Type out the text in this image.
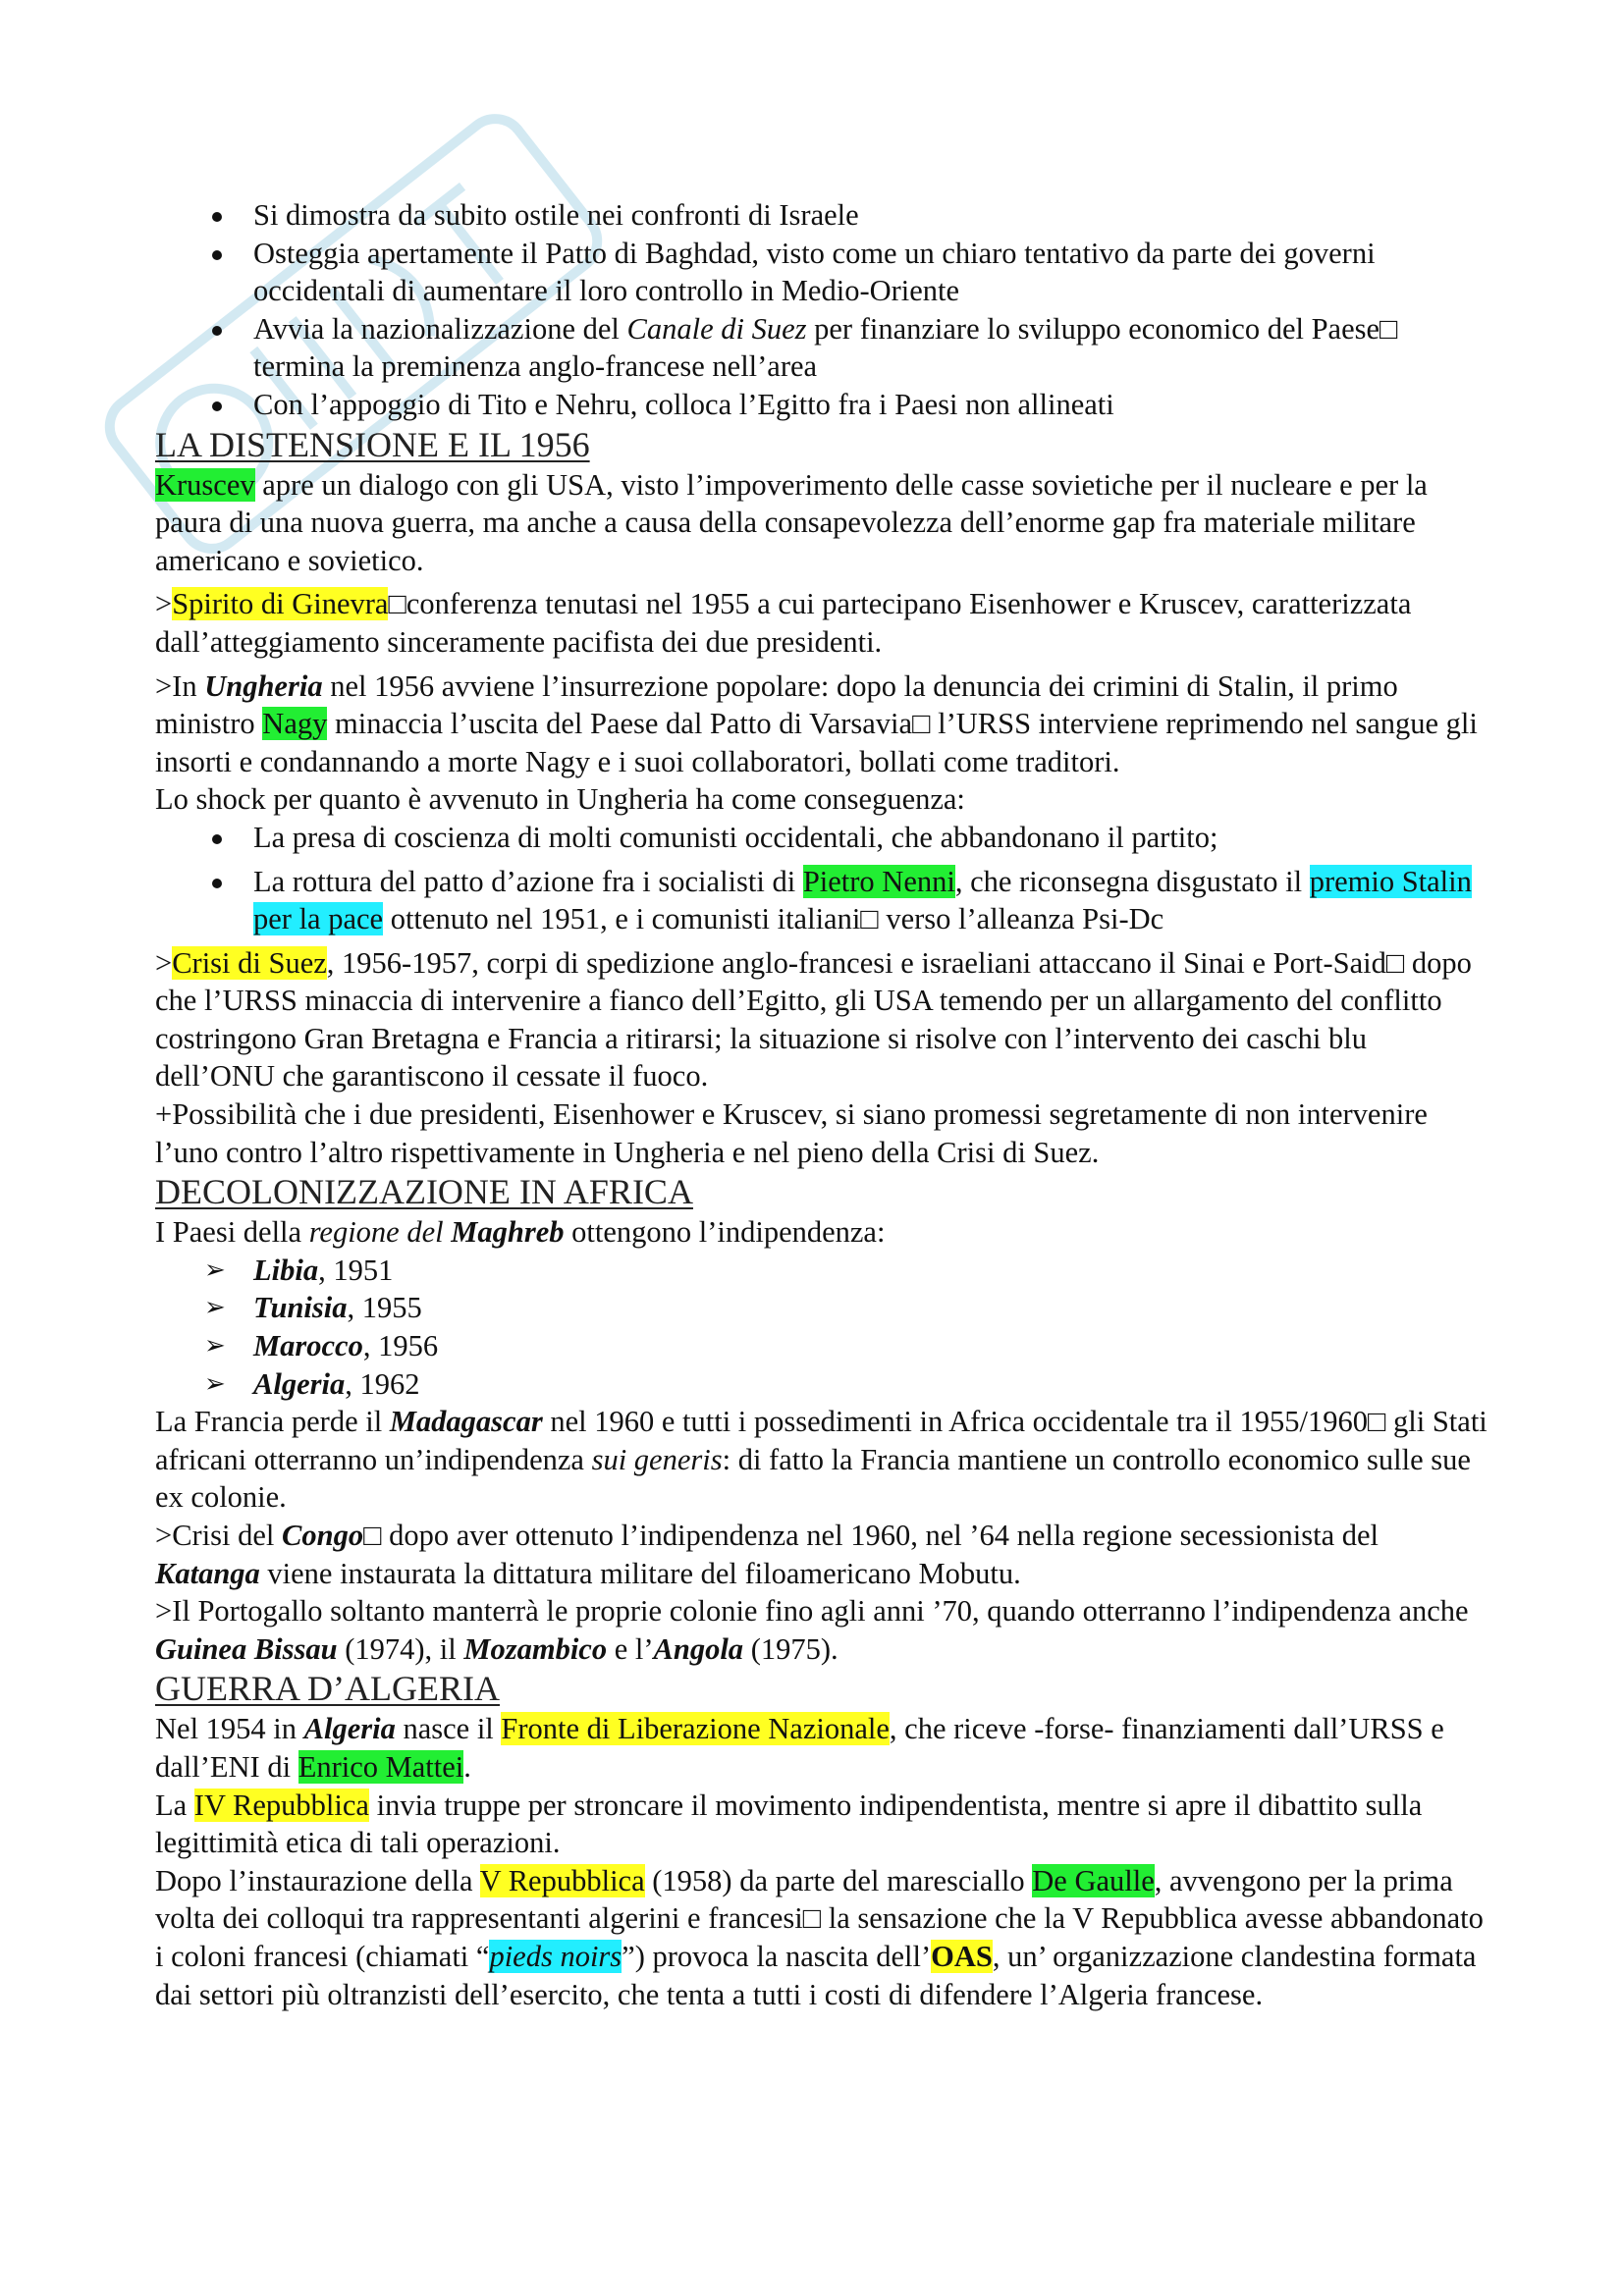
Si dimostra da subito ostile nei confronti di Israele
Osteggia apertamente il Patto di Baghdad, visto come un chiaro tentativo da parte dei governi occidentali di aumentare il loro controllo in Medio-Oriente
Avvia la nazionalizzazione del Canale di Suez per finanziare lo sviluppo economico del Paese□ termina la preminenza anglo-francese nell’area
Con l’appoggio di Tito e Nehru, colloca l’Egitto fra i Paesi non allineati
LA DISTENSIONE E IL 1956

Kruscev apre un dialogo con gli USA, visto l’impoverimento delle casse sovietiche per il nucleare e per la paura di una nuova guerra, ma anche a causa della consapevolezza dell’enorme gap fra materiale militare americano e sovietico.

>Spirito di Ginevra□conferenza tenutasi nel 1955 a cui partecipano Eisenhower e Kruscev, caratterizzata dall’atteggiamento sinceramente pacifista dei due presidenti.

>In Ungheria nel 1956 avviene l’insurrezione popolare: dopo la denuncia dei crimini di Stalin, il primo ministro Nagy minaccia l’uscita del Paese dal Patto di Varsavia□ l’URSS interviene reprimendo nel sangue gli insorti e condannando a morte Nagy e i suoi collaboratori, bollati come traditori.

Lo shock per quanto è avvenuto in Ungheria ha come conseguenza:

La presa di coscienza di molti comunisti occidentali, che abbandonano il partito;
La rottura del patto d’azione fra i socialisti di Pietro Nenni, che riconsegna disgustato il premio Stalin per la pace ottenuto nel 1951, e i comunisti italiani□ verso l’alleanza Psi-Dc

>Crisi di Suez, 1956-1957, corpi di spedizione anglo-francesi e israeliani attaccano il Sinai e Port-Said□ dopo che l’URSS minaccia di intervenire a fianco dell’Egitto, gli USA temendo per un allargamento del conflitto costringono Gran Bretagna e Francia a ritirarsi; la situazione si risolve con l’intervento dei caschi blu dell’ONU che garantiscono il cessate il fuoco.

+Possibilità che i due presidenti, Eisenhower e Kruscev, si siano promessi segretamente di non intervenire l’uno contro l’altro rispettivamente in Ungheria e nel pieno della Crisi di Suez.

DECOLONIZZAZIONE IN AFRICA

I Paesi della regione del Maghreb ottengono l’indipendenza:

➢ Libia, 1951
➢ Tunisia, 1955
➢ Marocco, 1956
➢ Algeria, 1962

La Francia perde il Madagascar nel 1960 e tutti i possedimenti in Africa occidentale tra il 1955/1960□ gli Stati africani otterranno un’indipendenza sui generis: di fatto la Francia mantiene un controllo economico sulle sue ex colonie.

>Crisi del Congo□ dopo aver ottenuto l’indipendenza nel 1960, nel ’64 nella regione secessionista del Katanga viene instaurata la dittatura militare del filoamericano Mobutu.

>Il Portogallo soltanto manterrà le proprie colonie fino agli anni ’70, quando otterranno l’indipendenza anche Guinea Bissau (1974), il Mozambico e l’Angola (1975).

GUERRA D’ALGERIA

Nel 1954 in Algeria nasce il Fronte di Liberazione Nazionale, che riceve -forse- finanziamenti dall’URSS e dall’ENI di Enrico Mattei.

La IV Repubblica invia truppe per stroncare il movimento indipendentista, mentre si apre il dibattito sulla legittimità etica di tali operazioni.

Dopo l’instaurazione della V Repubblica (1958) da parte del maresciallo De Gaulle, avvengono per la prima volta dei colloqui tra rappresentanti algerini e francesi□ la sensazione che la V Repubblica avesse abbandonato i coloni francesi (chiamati “pieds noirs”) provoca la nascita dell’OAS, un’ organizzazione clandestina formata dai settori più oltranzisti dell’esercito, che tenta a tutti i costi di difendere l’Algeria francese.
